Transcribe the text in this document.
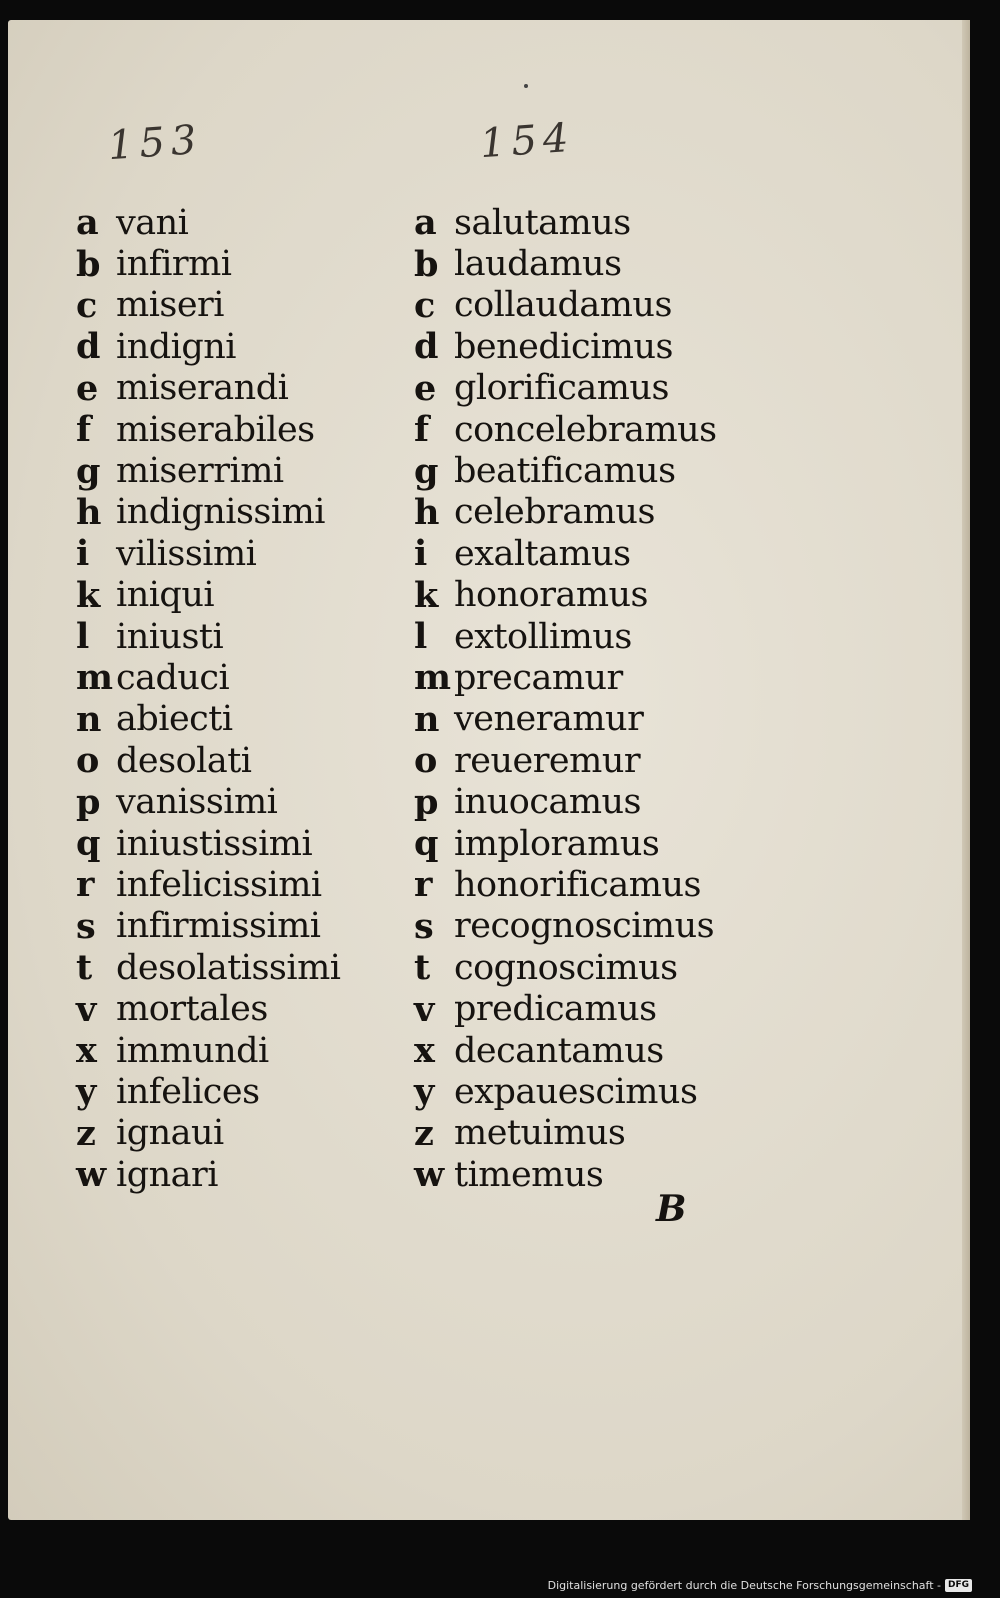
153	154
a vani
b infirmi
c miseri
d indigni
e miserandi
f miserabiles
g miserrimi
h indignissimi
i vilissimi
k iniqui
l iniusti
m caduci
n abiecti
o desolati
p vanissimi
q iniustissimi
r infelicissimi
s infirmissimi
t desolatissimi
v mortales
x immundi
y infelices
z ignaui
w ignari
a salutamus
b laudamus
c collaudamus
d benedicimus
e glorificamus
f concelebramus
g beatificamus
h celebramus
i exaltamus
k honoramus
l extollimus
m precamur
n veneramur
o reueremur
p inuocamus
q imploramus
r honorificamus
s recognoscimus
t cognoscimus
v predicamus
x decantamus
y expauescimus
z metuimus
w timemus
B
Digitalisierung gefördert durch die Deutsche Forschungsgemeinschaft - DFG
